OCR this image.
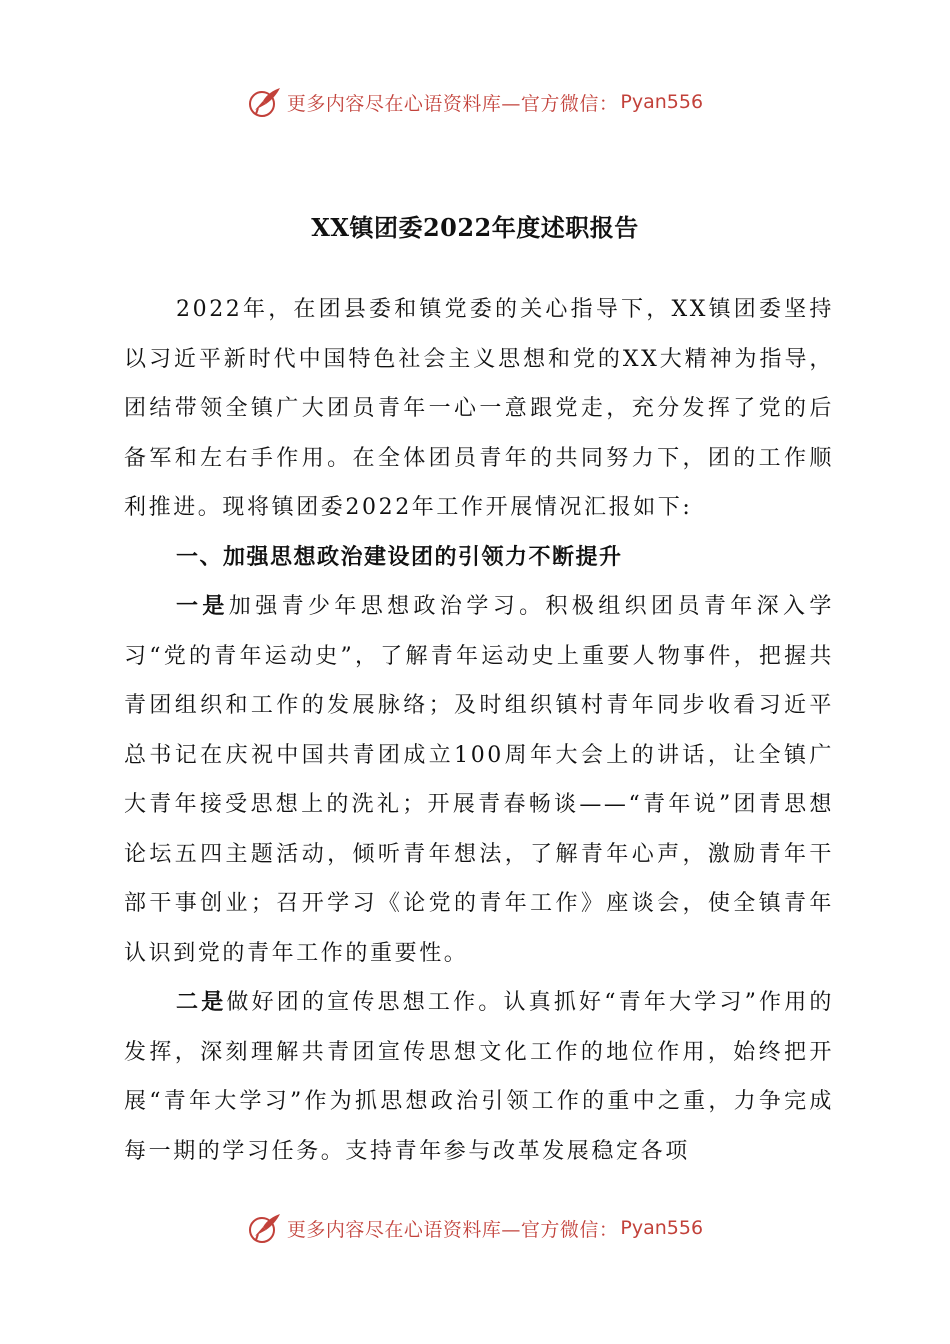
更多内容尽在心语资料库—官方微信： Pyan556
XX镇团委2022年度述职报告

2022年，在团县委和镇党委的关心指导下，XX镇团委坚持以习近平新时代中国特色社会主义思想和党的XX大精神为指导，团结带领全镇广大团员青年一心一意跟党走，充分发挥了党的后备军和左右手作用。在全体团员青年的共同努力下，团的工作顺利推进。现将镇团委2022年工作开展情况汇报如下:

一、加强思想政治建设团的引领力不断提升

一是加强青少年思想政治学习。积极组织团员青年深入学习“党的青年运动史”，了解青年运动史上重要人物事件，把握共青团组织和工作的发展脉络；及时组织镇村青年同步收看习近平总书记在庆祝中国共青团成立100周年大会上的讲话，让全镇广大青年接受思想上的洗礼；开展青春畅谈——“青年说”团青思想论坛五四主题活动，倾听青年想法，了解青年心声，激励青年干部干事创业；召开学习《论党的青年工作》座谈会，使全镇青年认识到党的青年工作的重要性。

二是做好团的宣传思想工作。认真抓好“青年大学习”作用的发挥，深刻理解共青团宣传思想文化工作的地位作用，始终把开展“青年大学习”作为抓思想政治引领工作的重中之重，力争完成每一期的学习任务。支持青年参与改革发展稳定各项

更多内容尽在心语资料库—官方微信： Pyan556
